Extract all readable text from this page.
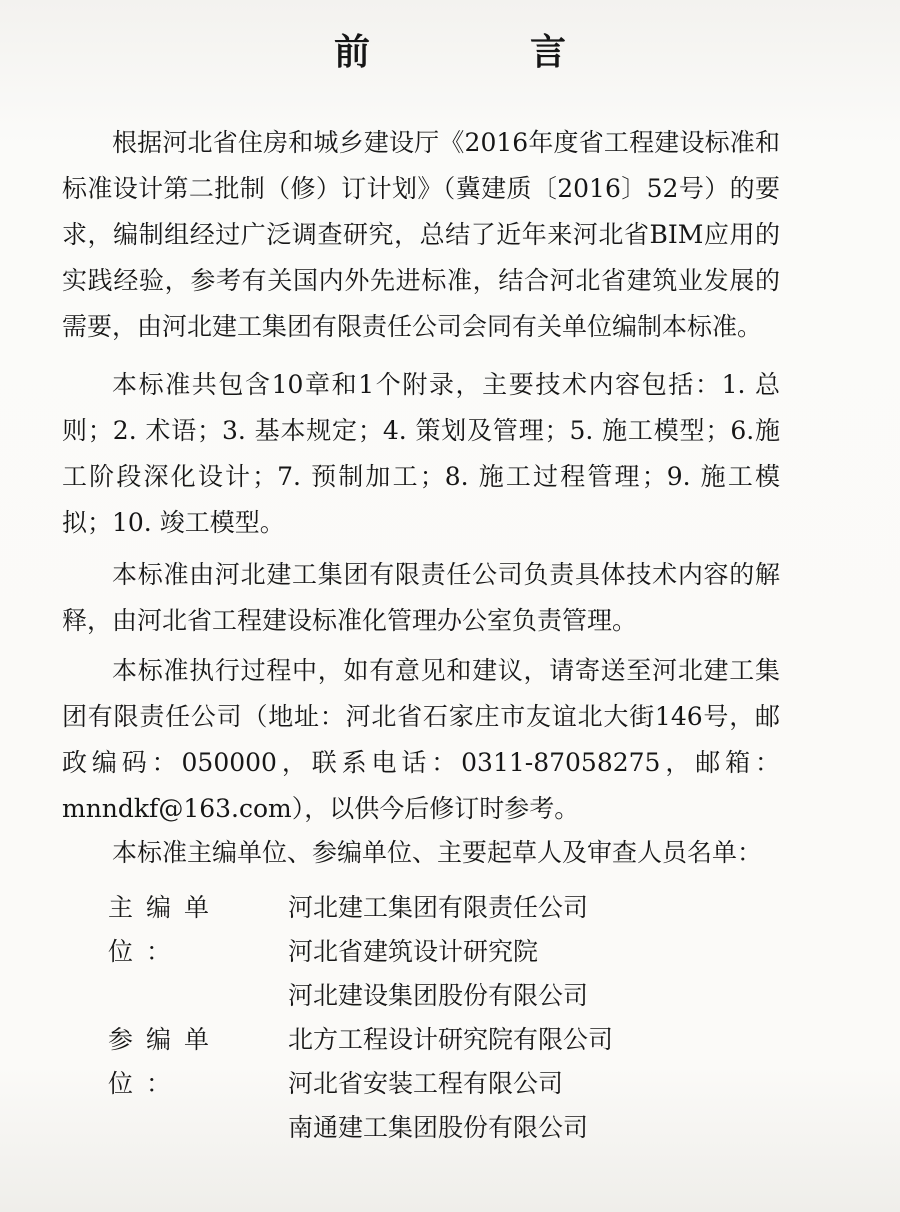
前　言

根据河北省住房和城乡建设厅《2016年度省工程建设标准和标准设计第二批制（修）订计划》（冀建质〔2016〕52号）的要求，编制组经过广泛调查研究，总结了近年来河北省BIM应用的实践经验，参考有关国内外先进标准，结合河北省建筑业发展的需要，由河北建工集团有限责任公司会同有关单位编制本标准。

本标准共包含10章和1个附录，主要技术内容包括：1. 总则；2. 术语；3. 基本规定；4. 策划及管理；5. 施工模型；6.施工阶段深化设计；7. 预制加工；8. 施工过程管理；9. 施工模拟；10. 竣工模型。

本标准由河北建工集团有限责任公司负责具体技术内容的解释，由河北省工程建设标准化管理办公室负责管理。

本标准执行过程中，如有意见和建议，请寄送至河北建工集团有限责任公司（地址：河北省石家庄市友谊北大街146号，邮政编码：050000，联系电话：0311-87058275，邮箱：mnndkf@163.com），以供今后修订时参考。

本标准主编单位、参编单位、主要起草人及审查人员名单：

主编单位：
河北建工集团有限责任公司
河北省建筑设计研究院
河北建设集团股份有限公司
参编单位：
北方工程设计研究院有限公司
河北省安装工程有限公司
南通建工集团股份有限公司
